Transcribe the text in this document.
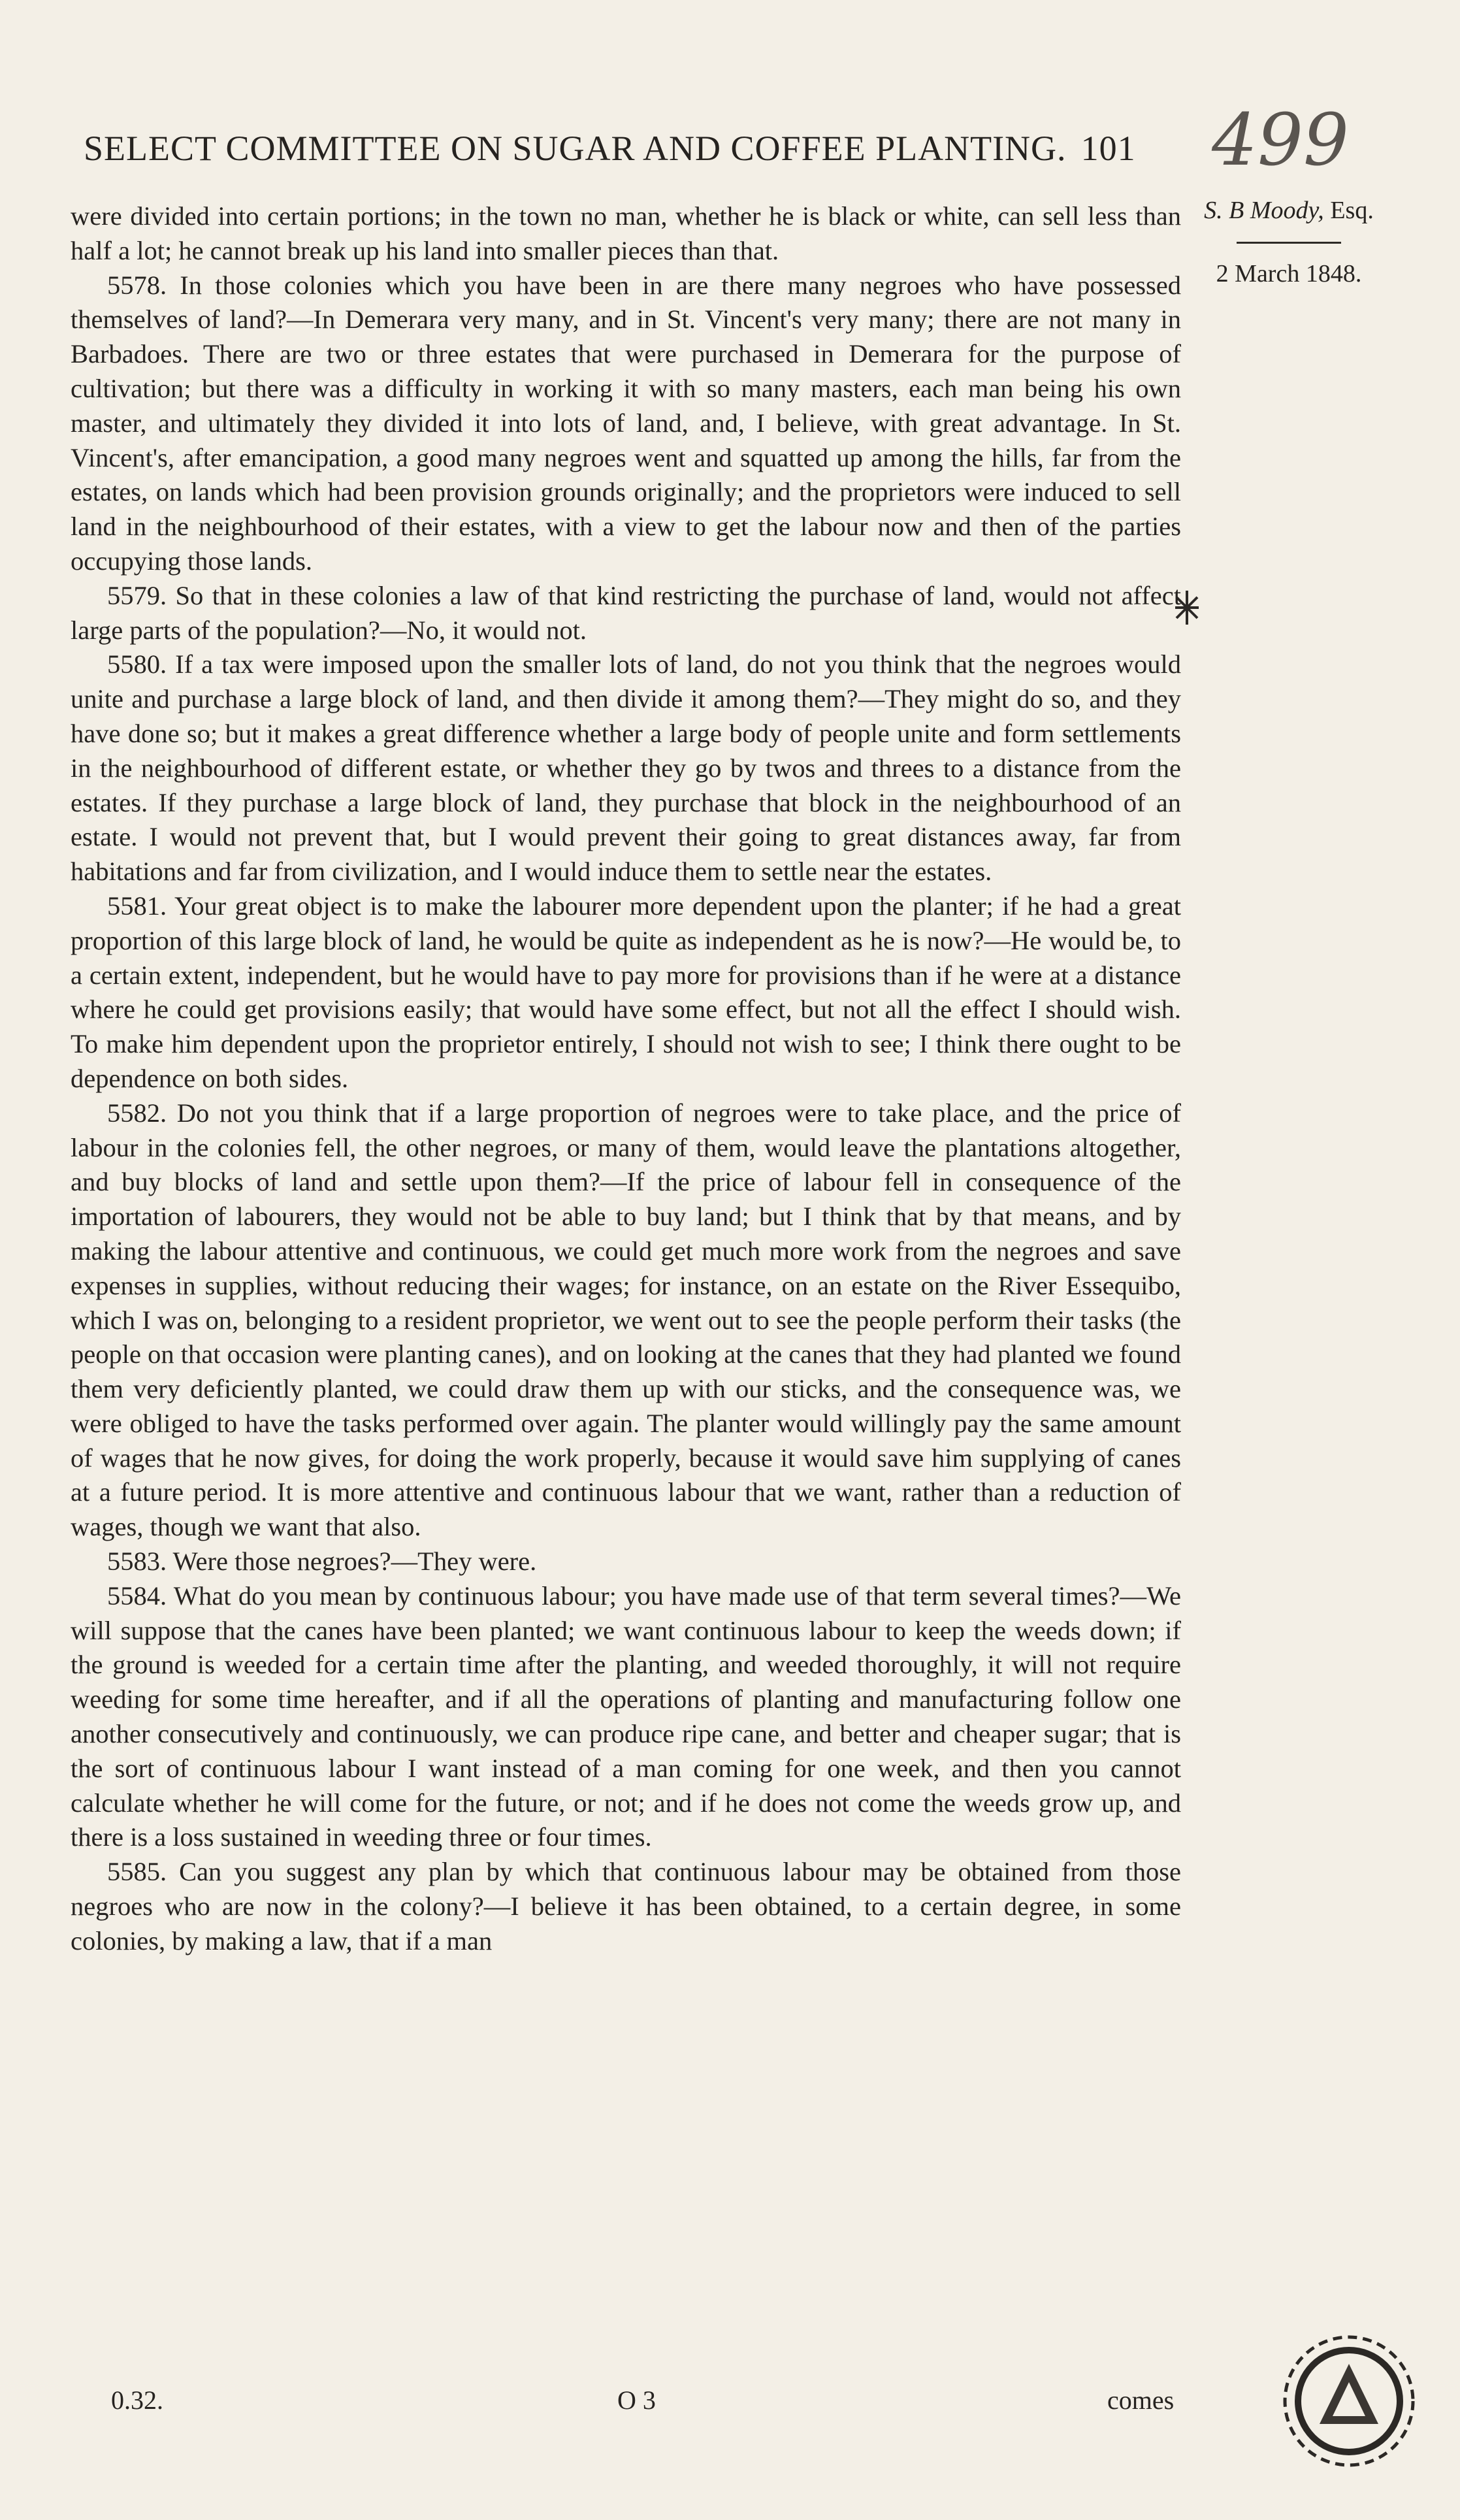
SELECT COMMITTEE ON SUGAR AND COFFEE PLANTING. 101	499
S. B Moody, Esq.
2 March 1848.

were divided into certain portions; in the town no man, whether he is black or white, can sell less than half a lot; he cannot break up his land into smaller pieces than that.

5578. In those colonies which you have been in are there many negroes who have possessed themselves of land?—In Demerara very many, and in St. Vincent's very many; there are not many in Barbadoes. There are two or three estates that were purchased in Demerara for the purpose of cultivation; but there was a difficulty in working it with so many masters, each man being his own master, and ultimately they divided it into lots of land, and, I believe, with great advantage. In St. Vincent's, after emancipation, a good many negroes went and squatted up among the hills, far from the estates, on lands which had been provision grounds originally; and the proprietors were induced to sell land in the neighbourhood of their estates, with a view to get the labour now and then of the parties occupying those lands.

5579. So that in these colonies a law of that kind restricting the purchase of land, would not affect large parts of the population?—No, it would not.

5580. If a tax were imposed upon the smaller lots of land, do not you think that the negroes would unite and purchase a large block of land, and then divide it among them?—They might do so, and they have done so; but it makes a great difference whether a large body of people unite and form settlements in the neighbourhood of different estate, or whether they go by twos and threes to a distance from the estates. If they purchase a large block of land, they purchase that block in the neighbourhood of an estate. I would not prevent that, but I would prevent their going to great distances away, far from habitations and far from civilization, and I would induce them to settle near the estates.

5581. Your great object is to make the labourer more dependent upon the planter; if he had a great proportion of this large block of land, he would be quite as independent as he is now?—He would be, to a certain extent, independent, but he would have to pay more for provisions than if he were at a distance where he could get provisions easily; that would have some effect, but not all the effect I should wish. To make him dependent upon the proprietor entirely, I should not wish to see; I think there ought to be dependence on both sides.

5582. Do not you think that if a large proportion of negroes were to take place, and the price of labour in the colonies fell, the other negroes, or many of them, would leave the plantations altogether, and buy blocks of land and settle upon them?—If the price of labour fell in consequence of the importation of labourers, they would not be able to buy land; but I think that by that means, and by making the labour attentive and continuous, we could get much more work from the negroes and save expenses in supplies, without reducing their wages; for instance, on an estate on the River Essequibo, which I was on, belonging to a resident proprietor, we went out to see the people perform their tasks (the people on that occasion were planting canes), and on looking at the canes that they had planted we found them very deficiently planted, we could draw them up with our sticks, and the consequence was, we were obliged to have the tasks performed over again. The planter would willingly pay the same amount of wages that he now gives, for doing the work properly, because it would save him supplying of canes at a future period. It is more attentive and continuous labour that we want, rather than a reduction of wages, though we want that also.

5583. Were those negroes?—They were.

5584. What do you mean by continuous labour; you have made use of that term several times?—We will suppose that the canes have been planted; we want continuous labour to keep the weeds down; if the ground is weeded for a certain time after the planting, and weeded thoroughly, it will not require weeding for some time hereafter, and if all the operations of planting and manufacturing follow one another consecutively and continuously, we can produce ripe cane, and better and cheaper sugar; that is the sort of continuous labour I want instead of a man coming for one week, and then you cannot calculate whether he will come for the future, or not; and if he does not come the weeds grow up, and there is a loss sustained in weeding three or four times.

5585. Can you suggest any plan by which that continuous labour may be obtained from those negroes who are now in the colony?—I believe it has been obtained, to a certain degree, in some colonies, by making a law, that if a man

0.32.	O 3	comes
